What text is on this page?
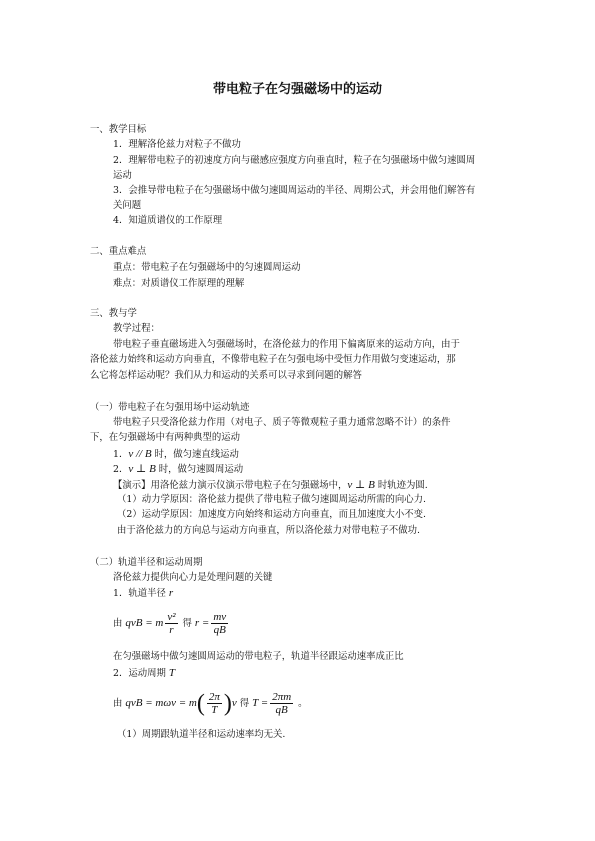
带电粒子在匀强磁场中的运动
一、教学目标
1．理解洛伦兹力对粒子不做功
2．理解带电粒子的初速度方向与磁感应强度方向垂直时，粒子在匀强磁场中做匀速圆周
运动
3．会推导带电粒子在匀强磁场中做匀速圆周运动的半径、周期公式，并会用他们解答有
关问题
4．知道质谱仪的工作原理
二、重点难点
重点：带电粒子在匀强磁场中的匀速圆周运动
难点：对质谱仪工作原理的理解
三、教与学
教学过程：
带电粒子垂直磁场进入匀强磁场时，在洛伦兹力的作用下偏离原来的运动方向，由于
洛伦兹力始终和运动方向垂直，不像带电粒子在匀强电场中受恒力作用做匀变速运动，那
么它将怎样运动呢？我们从力和运动的关系可以寻求到问题的解答
（一）带电粒子在匀强用场中运动轨迹
带电粒子只受洛伦兹力作用（对电子、质子等微观粒子重力通常忽略不计）的条件
下，在匀强磁场中有两种典型的运动
1．v // B 时，做匀速直线运动
2．v ⊥ B 时，做匀速圆周运动
【演示】用洛伦兹力演示仪演示带电粒子在匀强磁场中，v ⊥ B 时轨迹为圆.
（1）动力学原因：洛伦兹力提供了带电粒子做匀速圆周运动所需的向心力.
（2）运动学原因：加速度方向始终和运动方向垂直，而且加速度大小不变.
由于洛伦兹力的方向总与运动方向垂直，所以洛伦兹力对带电粒子不做功.
（二）轨道半径和运动周期
洛伦兹力提供向心力是处理问题的关键
1．轨道半径 r
由 qvB = m $\frac{\text{v²}}{r}$ 得 $r = \frac{mv}{qB}$
在匀强磁场中做匀速圆周运动的带电粒子，轨道半径跟运动速率成正比
2．运动周期 T
由 qvB = $m\omega v = m( \frac{2\pi}{T} )v$ 得 $T = \frac{2\pi m}{qB}$ 。
（1）周期跟轨道半径和运动速率均无关.
